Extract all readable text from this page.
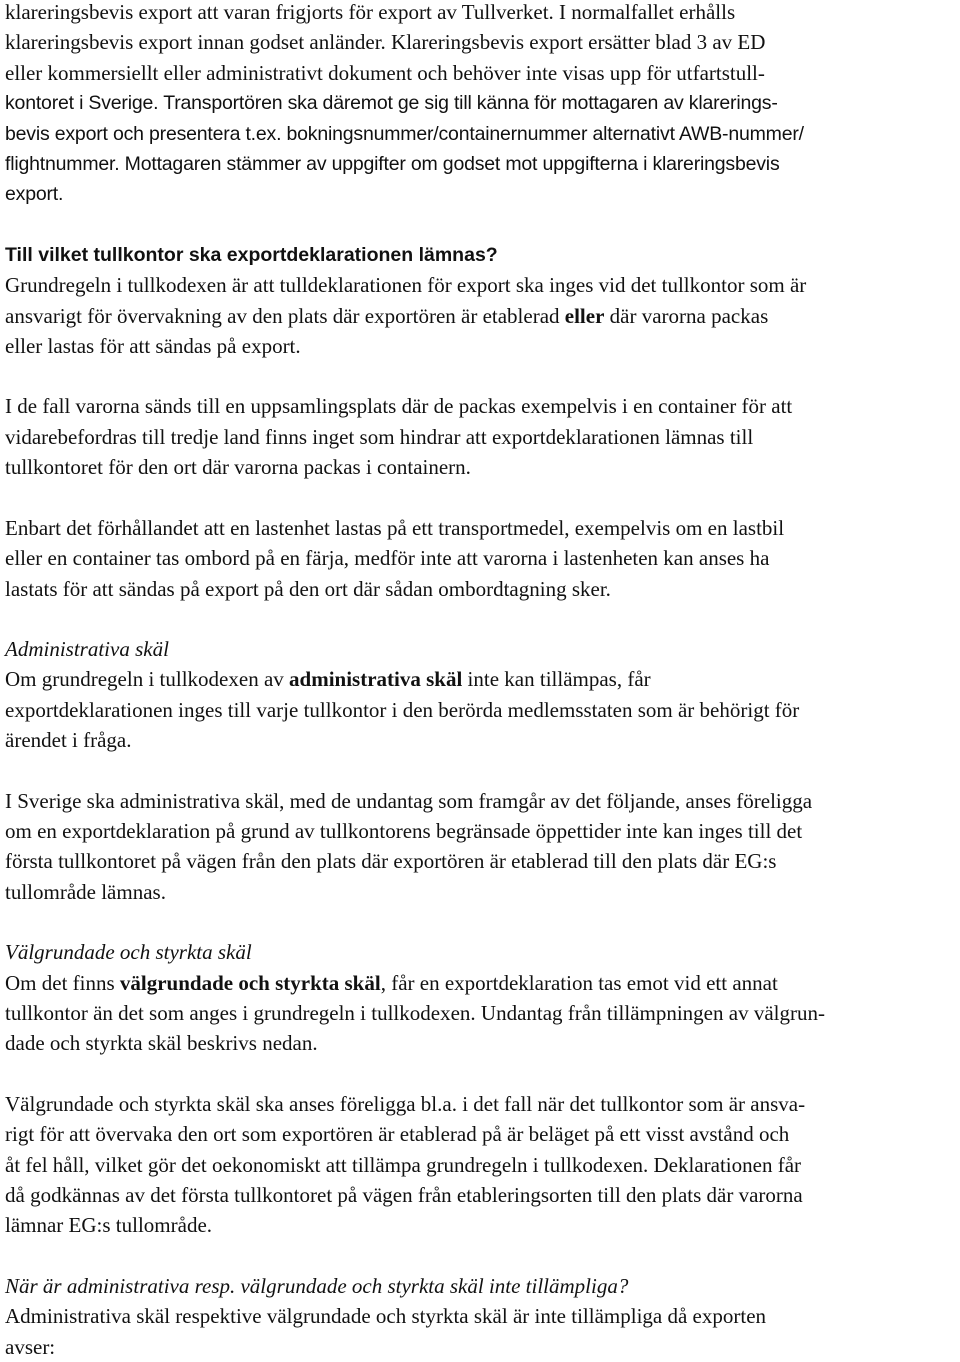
klareringsbevis export att varan frigjorts för export av Tullverket. I normalfallet erhålls
klareringsbevis export innan godset anländer. Klareringsbevis export ersätter blad 3 av ED
eller kommersiellt eller administrativt dokument och behöver inte visas upp för utfartstull-
kontoret i Sverige. Transportören ska däremot ge sig till känna för mottagaren av klarerings-
bevis export och presentera t.ex. bokningsnummer/containernummer alternativt AWB-nummer/
flightnummer. Mottagaren stämmer av uppgifter om godset mot uppgifterna i klareringsbevis
export.

Till vilket tullkontor ska exportdeklarationen lämnas?

Grundregeln i tullkodexen är att tulldeklarationen för export ska inges vid det tullkontor som är
ansvarigt för övervakning av den plats där exportören är etablerad eller där varorna packas
eller lastas för att sändas på export.

I de fall varorna sänds till en uppsamlingsplats där de packas exempelvis i en container för att
vidarebefordras till tredje land finns inget som hindrar att exportdeklarationen lämnas till
tullkontoret för den ort där varorna packas i containern.

Enbart det förhållandet att en lastenhet lastas på ett transportmedel, exempelvis om en lastbil
eller en container tas ombord på en färja, medför inte att varorna i lastenheten kan anses ha
lastats för att sändas på export på den ort där sådan ombordtagning sker.

Administrativa skäl

Om grundregeln i tullkodexen av administrativa skäl inte kan tillämpas, får
exportdeklarationen inges till varje tullkontor i den berörda medlemsstaten som är behörigt för
ärendet i fråga.

I Sverige ska administrativa skäl, med de undantag som framgår av det följande, anses föreligga
om en exportdeklaration på grund av tullkontorens begränsade öppettider inte kan inges till det
första tullkontoret på vägen från den plats där exportören är etablerad till den plats där EG:s
tullområde lämnas.

Välgrundade och styrkta skäl

Om det finns välgrundade och styrkta skäl, får en exportdeklaration tas emot vid ett annat
tullkontor än det som anges i grundregeln i tullkodexen. Undantag från tillämpningen av välgrun-
dade och styrkta skäl beskrivs nedan.

Välgrundade och styrkta skäl ska anses föreligga bl.a. i det fall när det tullkontor som är ansva-
rigt för att övervaka den ort som exportören är etablerad på är beläget på ett visst avstånd och
åt fel håll, vilket gör det oekonomiskt att tillämpa grundregeln i tullkodexen. Deklarationen får
då godkännas av det första tullkontoret på vägen från etableringsorten till den plats där varorna
lämnar EG:s tullområde.

När är administrativa resp. välgrundade och styrkta skäl inte tillämpliga?

Administrativa skäl respektive välgrundade och styrkta skäl är inte tillämpliga då exporten
avser:
